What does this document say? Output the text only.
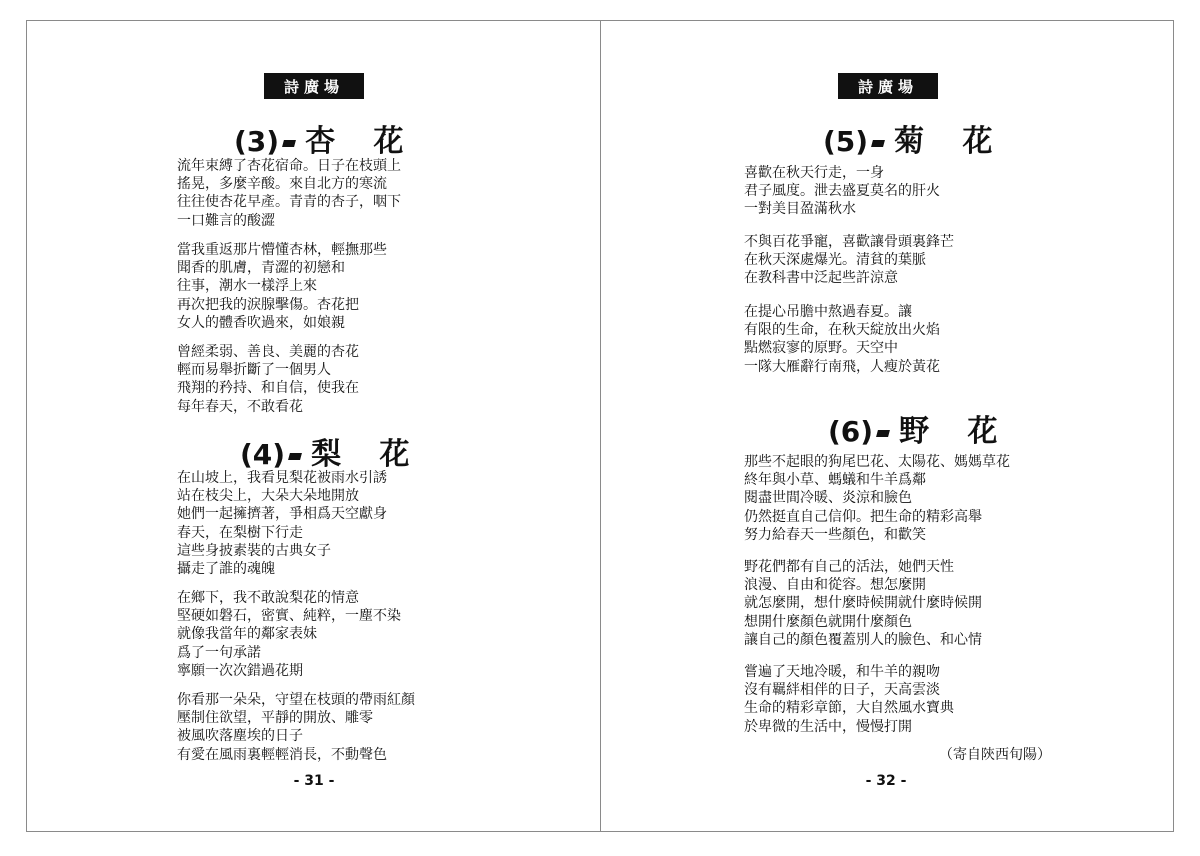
詩廣場
(3) 杏 花
流年束縛了杏花宿命。日子在枝頭上
搖晃，多麼辛酸。來自北方的寒流
往往使杏花早產。青青的杏子，咽下
一口難言的酸澀
當我重返那片懵懂杏林，輕撫那些
聞香的肌膚，青澀的初戀和
往事，潮水一樣浮上來
再次把我的淚腺擊傷。杏花把
女人的體香吹過來，如娘親
曾經柔弱、善良、美麗的杏花
輕而易舉折斷了一個男人
飛翔的矜持、和自信，使我在
每年春天，不敢看花
(4) 梨 花
在山坡上，我看見梨花被雨水引誘
站在枝尖上，大朵大朵地開放
她們一起擁擠著，爭相爲天空獻身
春天，在梨樹下行走
這些身披素裝的古典女子
攝走了誰的魂魄
在鄉下，我不敢說梨花的情意
堅硬如磐石，密實、純粹，一塵不染
就像我當年的鄰家表妹
爲了一句承諾
寧願一次次錯過花期
你看那一朵朵，守望在枝頭的帶雨紅顏
壓制住欲望，平靜的開放、雕零
被風吹落塵埃的日子
有愛在風雨裏輕輕消長，不動聲色
- 31 -
詩廣場
(5) 菊 花
喜歡在秋天行走，一身
君子風度。泄去盛夏莫名的肝火
一對美目盈滿秋水
不與百花爭寵，喜歡讓骨頭裏鋒芒
在秋天深處爆光。清貧的葉脈
在教科書中泛起些許涼意
在提心吊膽中熬過春夏。讓
有限的生命，在秋天綻放出火焰
點燃寂寥的原野。天空中
一隊大雁辭行南飛，人瘦於黃花
(6) 野 花
那些不起眼的狗尾巴花、太陽花、媽媽草花
終年與小草、螞蟻和牛羊爲鄰
閱盡世間冷暖、炎涼和臉色
仍然挺直自己信仰。把生命的精彩高舉
努力給春天一些顏色，和歡笑
野花們都有自己的活法，她們天性
浪漫、自由和從容。想怎麼開
就怎麼開，想什麼時候開就什麼時候開
想開什麼顏色就開什麼顏色
讓自己的顏色覆蓋別人的臉色、和心情
嘗遍了天地冷暖，和牛羊的親吻
沒有羈絆相伴的日子，天高雲淡
生命的精彩章節，大自然風水寶典
於卑微的生活中，慢慢打開
（寄自陝西旬陽）
- 32 -
